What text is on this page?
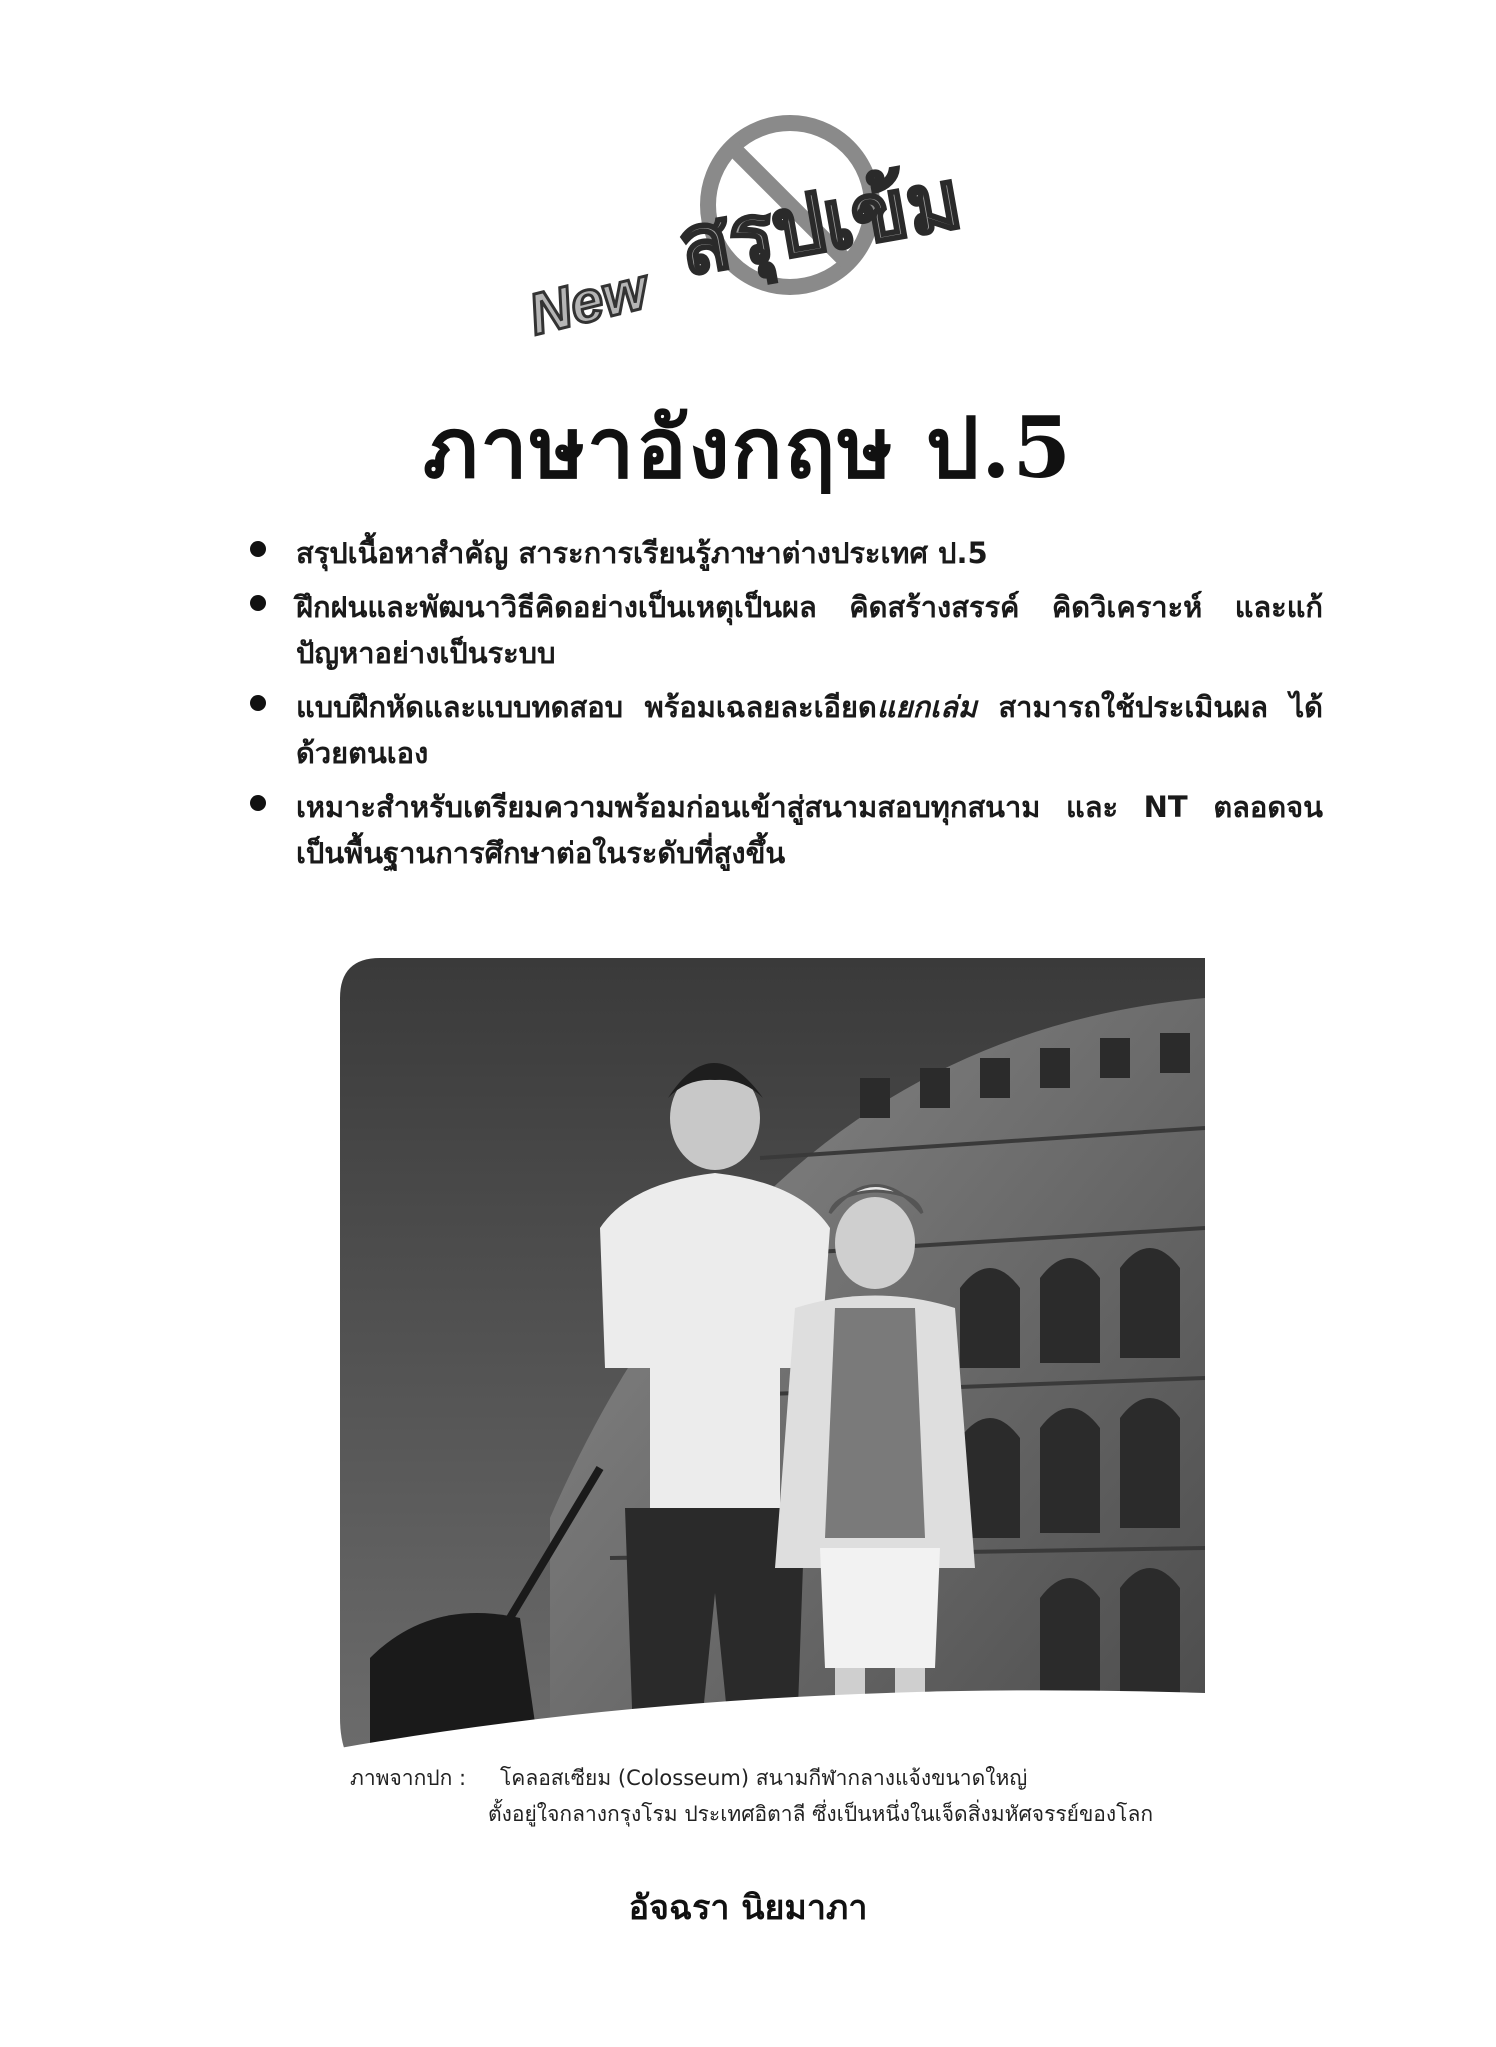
New
สรุปเข้ม
ภาษาอังกฤษ ป.5
สรุปเนื้อหาสำคัญ สาระการเรียนรู้ภาษาต่างประเทศ ป.5
ฝึกฝนและพัฒนาวิธีคิดอย่างเป็นเหตุเป็นผล คิดสร้างสรรค์ คิดวิเคราะห์ และแก้ปัญหาอย่างเป็นระบบ
แบบฝึกหัดและแบบทดสอบ พร้อมเฉลยละเอียดแยกเล่ม สามารถใช้ประเมินผล ได้ด้วยตนเอง
เหมาะสำหรับเตรียมความพร้อมก่อนเข้าสู่สนามสอบทุกสนาม และ NT ตลอดจน เป็นพื้นฐานการศึกษาต่อในระดับที่สูงขึ้น
ภาพจากปก : โคลอสเซียม (Colosseum) สนามกีฬากลางแจ้งขนาดใหญ่
ตั้งอยู่ใจกลางกรุงโรม ประเทศอิตาลี ซึ่งเป็นหนึ่งในเจ็ดสิ่งมหัศจรรย์ของโลก
อัจฉรา นิยมาภา
